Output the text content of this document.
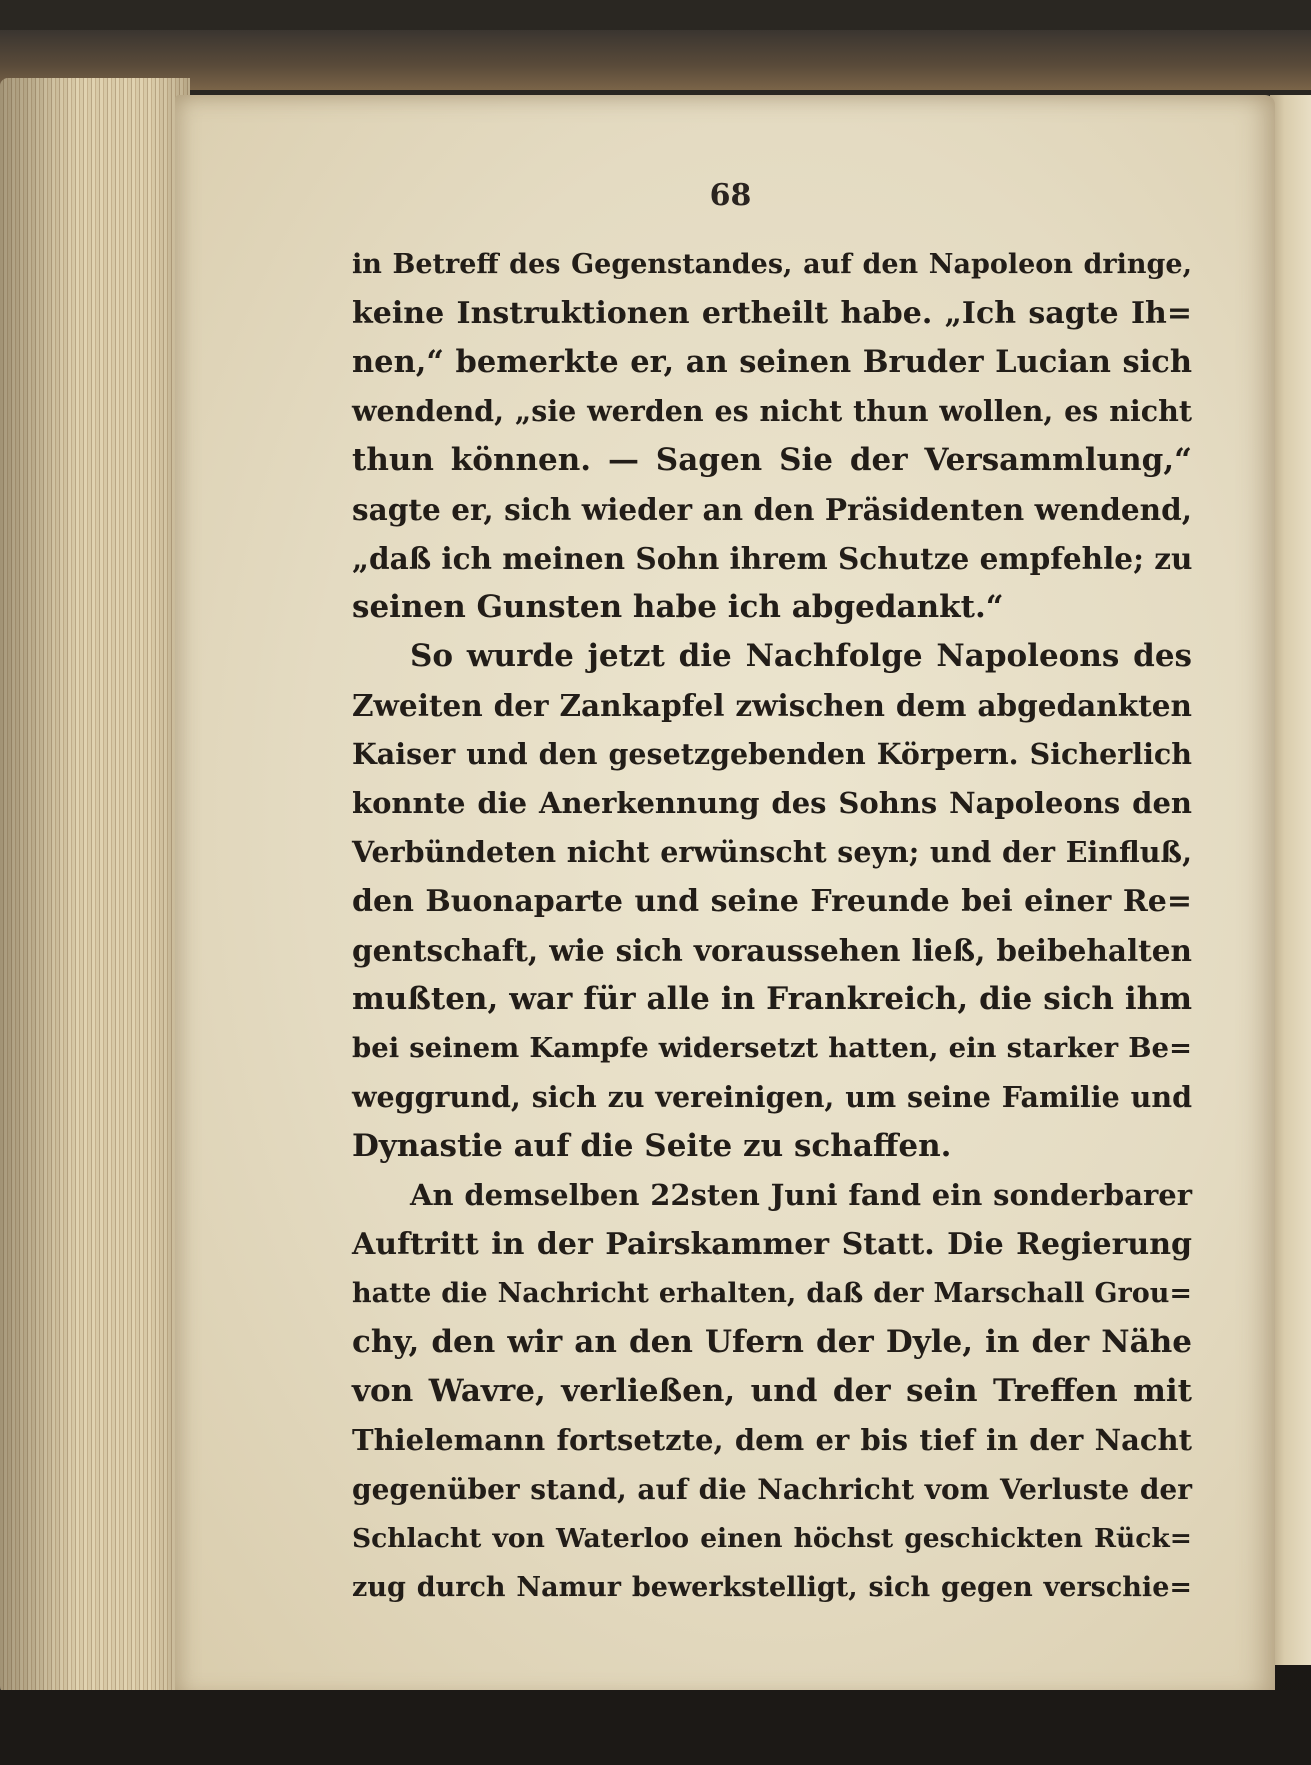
68
in Betreff des Gegenstandes, auf den Napoleon dringe,
keine Instruktionen ertheilt habe. „Ich sagte Ih=
nen,“ bemerkte er, an seinen Bruder Lucian sich
wendend, „sie werden es nicht thun wollen, es nicht
thun können. — Sagen Sie der Versammlung,“
sagte er, sich wieder an den Präsidenten wendend,
„daß ich meinen Sohn ihrem Schutze empfehle; zu
seinen Gunsten habe ich abgedankt.“
So wurde jetzt die Nachfolge Napoleons des
Zweiten der Zankapfel zwischen dem abgedankten
Kaiser und den gesetzgebenden Körpern. Sicherlich
konnte die Anerkennung des Sohns Napoleons den
Verbündeten nicht erwünscht seyn; und der Einfluß,
den Buonaparte und seine Freunde bei einer Re=
gentschaft, wie sich voraussehen ließ, beibehalten
mußten, war für alle in Frankreich, die sich ihm
bei seinem Kampfe widersetzt hatten, ein starker Be=
weggrund, sich zu vereinigen, um seine Familie und
Dynastie auf die Seite zu schaffen.
An demselben 22sten Juni fand ein sonderbarer
Auftritt in der Pairskammer Statt. Die Regierung
hatte die Nachricht erhalten, daß der Marschall Grou=
chy, den wir an den Ufern der Dyle, in der Nähe
von Wavre, verließen, und der sein Treffen mit
Thielemann fortsetzte, dem er bis tief in der Nacht
gegenüber stand, auf die Nachricht vom Verluste der
Schlacht von Waterloo einen höchst geschickten Rück=
zug durch Namur bewerkstelligt, sich gegen verschie=
